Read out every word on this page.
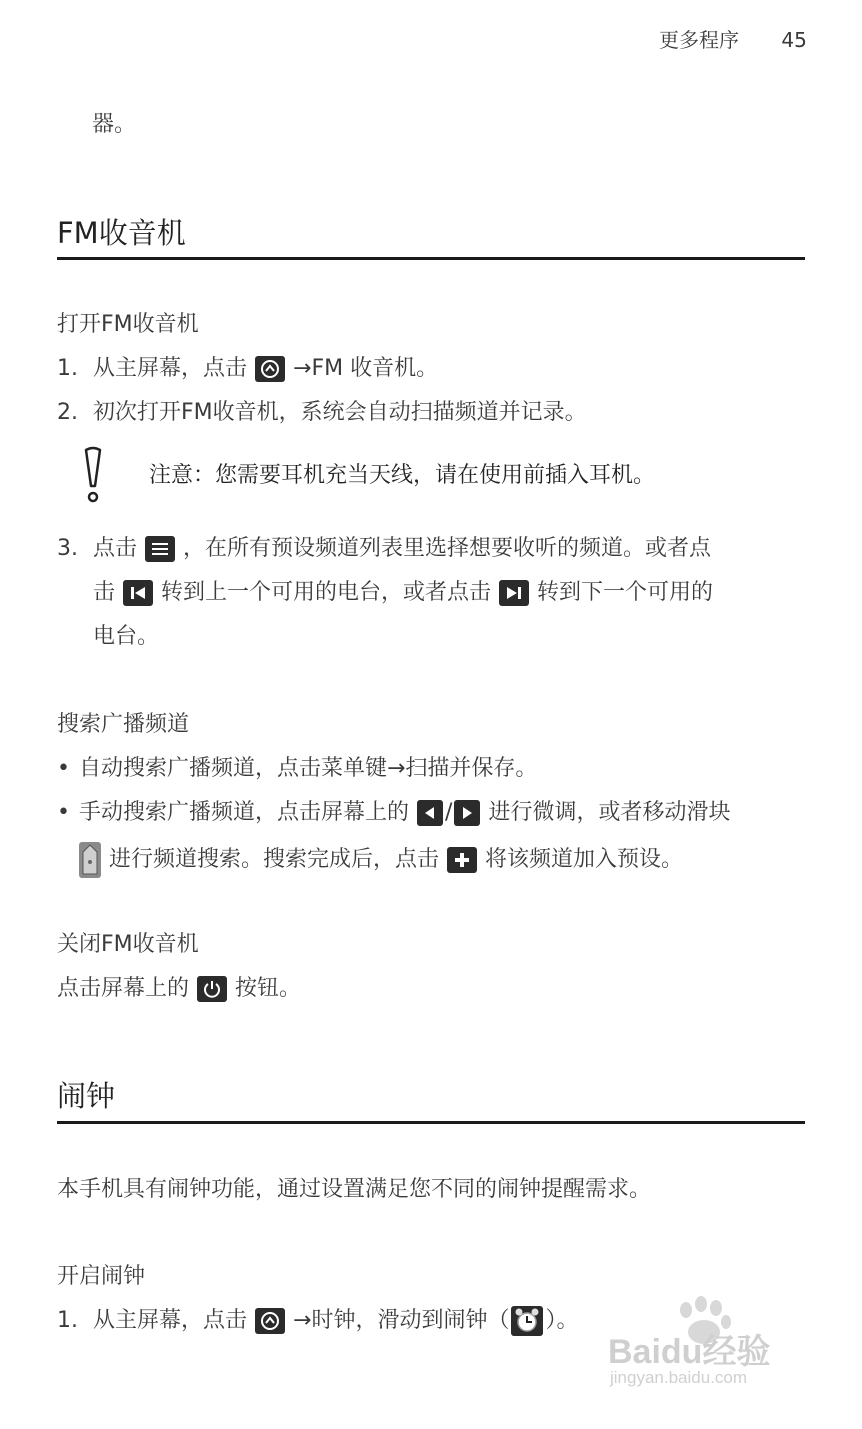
更多程序 45
器。
FM收音机
打开FM收音机
1. 从主屏幕，点击 →FM 收音机。
2. 初次打开FM收音机，系统会自动扫描频道并记录。
注意：您需要耳机充当天线，请在使用前插入耳机。
3. 点击 ，在所有预设频道列表里选择想要收听的频道。或者点
击 转到上一个可用的电台，或者点击 转到下一个可用的
电台。
搜索广播频道
• 自动搜索广播频道，点击菜单键→扫描并保存。
• 手动搜索广播频道，点击屏幕上的 / 进行微调，或者移动滑块
进行频道搜索。搜索完成后，点击 将该频道加入预设。
关闭FM收音机
点击屏幕上的 按钮。
闹钟
本手机具有闹钟功能，通过设置满足您不同的闹钟提醒需求。
开启闹钟
1. 从主屏幕，点击 →时钟，滑动到闹钟（ ）。
Baidu经验
jingyan.baidu.com
